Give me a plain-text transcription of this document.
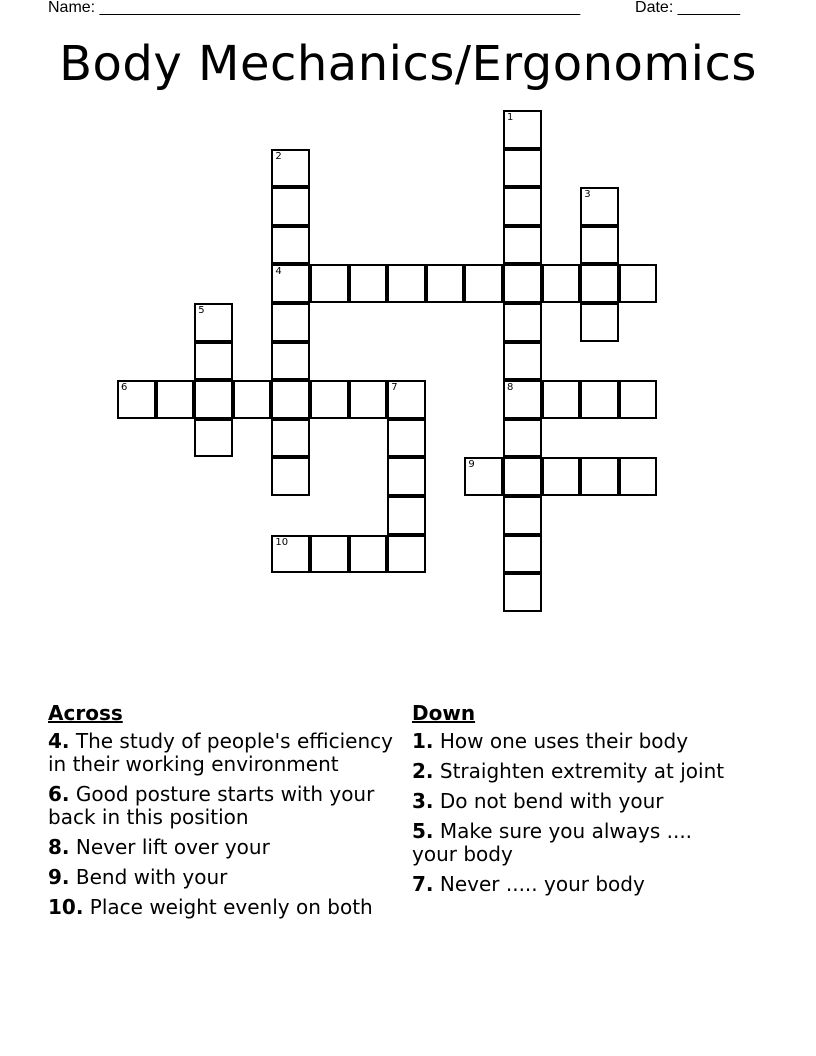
Name: ______________________________________________________	Date: _______
Body Mechanics/Ergonomics
1
2
3
4
5
6	7	8
9
10
Across
4. The study of people's efficiency in their working environment
6. Good posture starts with your back in this position
8. Never lift over your
9. Bend with your
10. Place weight evenly on both
Down
1. How one uses their body
2. Straighten extremity at joint
3. Do not bend with your
5. Make sure you always .... your body
7. Never ..... your body
